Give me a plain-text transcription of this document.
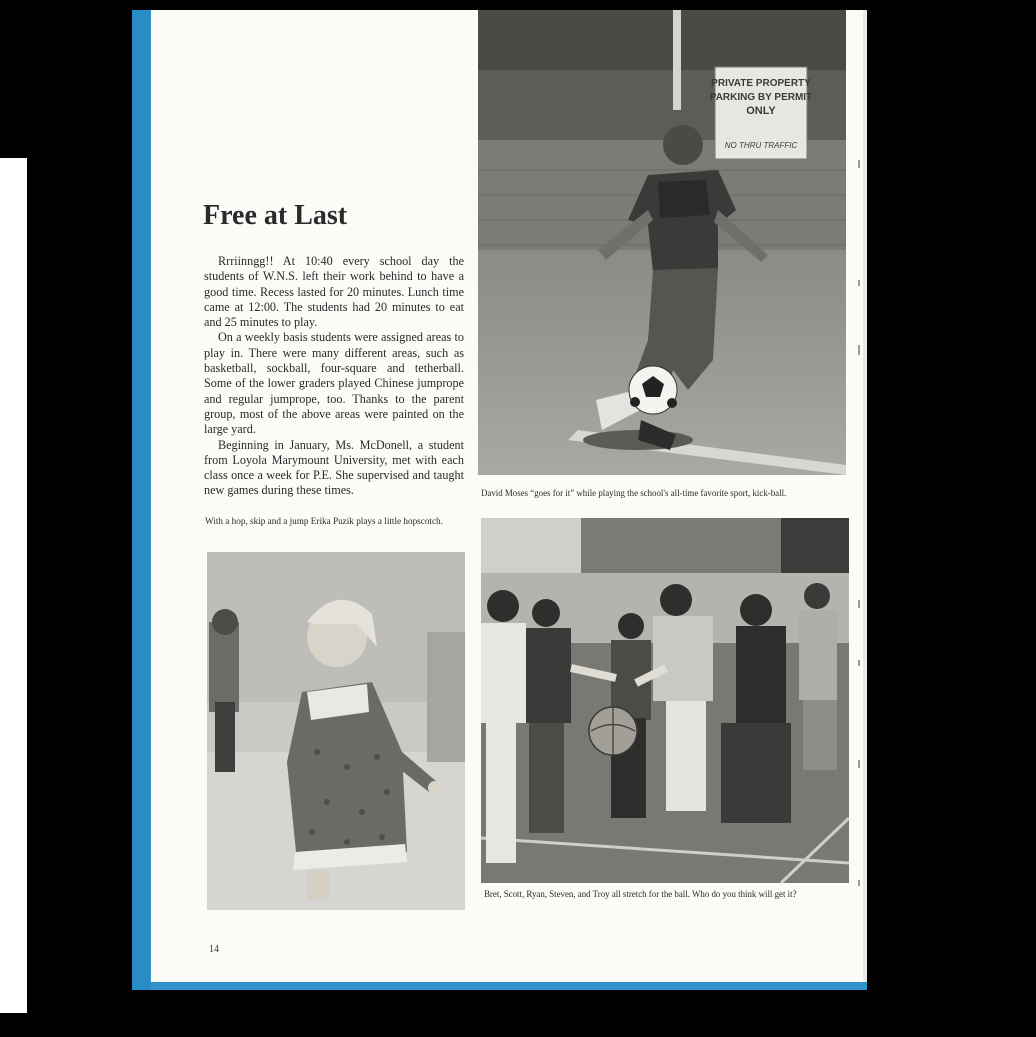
Free at Last

Rrriinngg!! At 10:40 every school day the students of W.N.S. left their work behind to have a good time. Recess lasted for 20 minutes. Lunch time came at 12:00. The students had 20 minutes to eat and 25 minutes to play.

On a weekly basis students were assigned areas to play in. There were many different areas, such as basketball, sockball, four-square and tetherball. Some of the lower graders played Chinese jumprope and regular jumprope, too. Thanks to the parent group, most of the above areas were painted on the large yard.

Beginning in January, Ms. McDonell, a student from Loyola Marymount University, met with each class once a week for P.E. She supervised and taught new games during these times.

PRIVATE PROPERTY
PARKING BY PERMIT
ONLY
NO THRU TRAFFIC
David Moses “goes for it” while playing the school's all-time favorite sport, kick-ball.
With a hop, skip and a jump Erika Puzik plays a little hopscotch.
Bret, Scott, Ryan, Steven, and Troy all stretch for the ball. Who do you think will get it?
14
